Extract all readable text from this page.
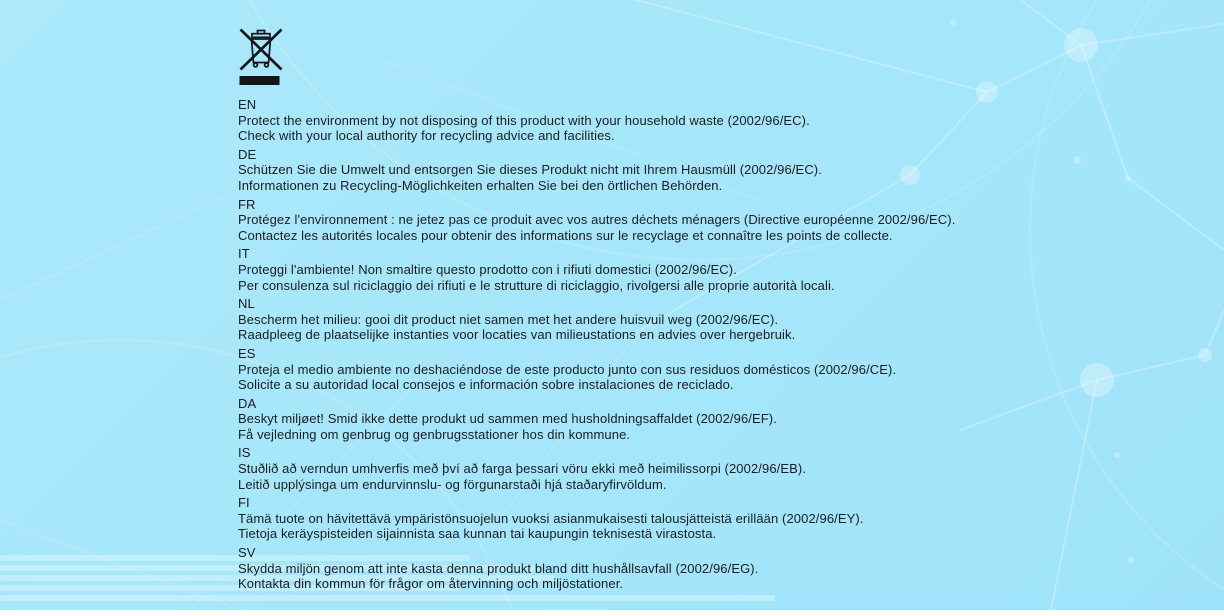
EN
Protect the environment by not disposing of this product with your household waste (2002/96/EC).
Check with your local authority for recycling advice and facilities.
DE
Schützen Sie die Umwelt und entsorgen Sie dieses Produkt nicht mit Ihrem Hausmüll (2002/96/EC).
Informationen zu Recycling-Möglichkeiten erhalten Sie bei den örtlichen Behörden.
FR
Protégez l'environnement : ne jetez pas ce produit avec vos autres déchets ménagers (Directive européenne 2002/96/EC).
Contactez les autorités locales pour obtenir des informations sur le recyclage et connaître les points de collecte.
IT
Proteggi l'ambiente! Non smaltire questo prodotto con i rifiuti domestici (2002/96/EC).
Per consulenza sul riciclaggio dei rifiuti e le strutture di riciclaggio, rivolgersi alle proprie autorità locali.
NL
Bescherm het milieu: gooi dit product niet samen met het andere huisvuil weg (2002/96/EC).
Raadpleeg de plaatselijke instanties voor locaties van milieustations en advies over hergebruik.
ES
Proteja el medio ambiente no deshaciéndose de este producto junto con sus residuos domésticos (2002/96/CE).
Solicite a su autoridad local consejos e información sobre instalaciones de reciclado.
DA
Beskyt miljøet! Smid ikke dette produkt ud sammen med husholdningsaffaldet (2002/96/EF).
Få vejledning om genbrug og genbrugsstationer hos din kommune.
IS
Stuðlið að verndun umhverfis með því að farga þessari vöru ekki með heimilissorpi (2002/96/EB).
Leitið upplýsinga um endurvinnslu- og förgunarstaði hjá staðaryfirvöldum.
FI
Tämä tuote on hävitettävä ympäristönsuojelun vuoksi asianmukaisesti talousjätteistä erillään (2002/96/EY).
Tietoja keräyspisteiden sijainnista saa kunnan tai kaupungin teknisestä virastosta.
SV
Skydda miljön genom att inte kasta denna produkt bland ditt hushållsavfall (2002/96/EG).
Kontakta din kommun för frågor om återvinning och miljöstationer.
